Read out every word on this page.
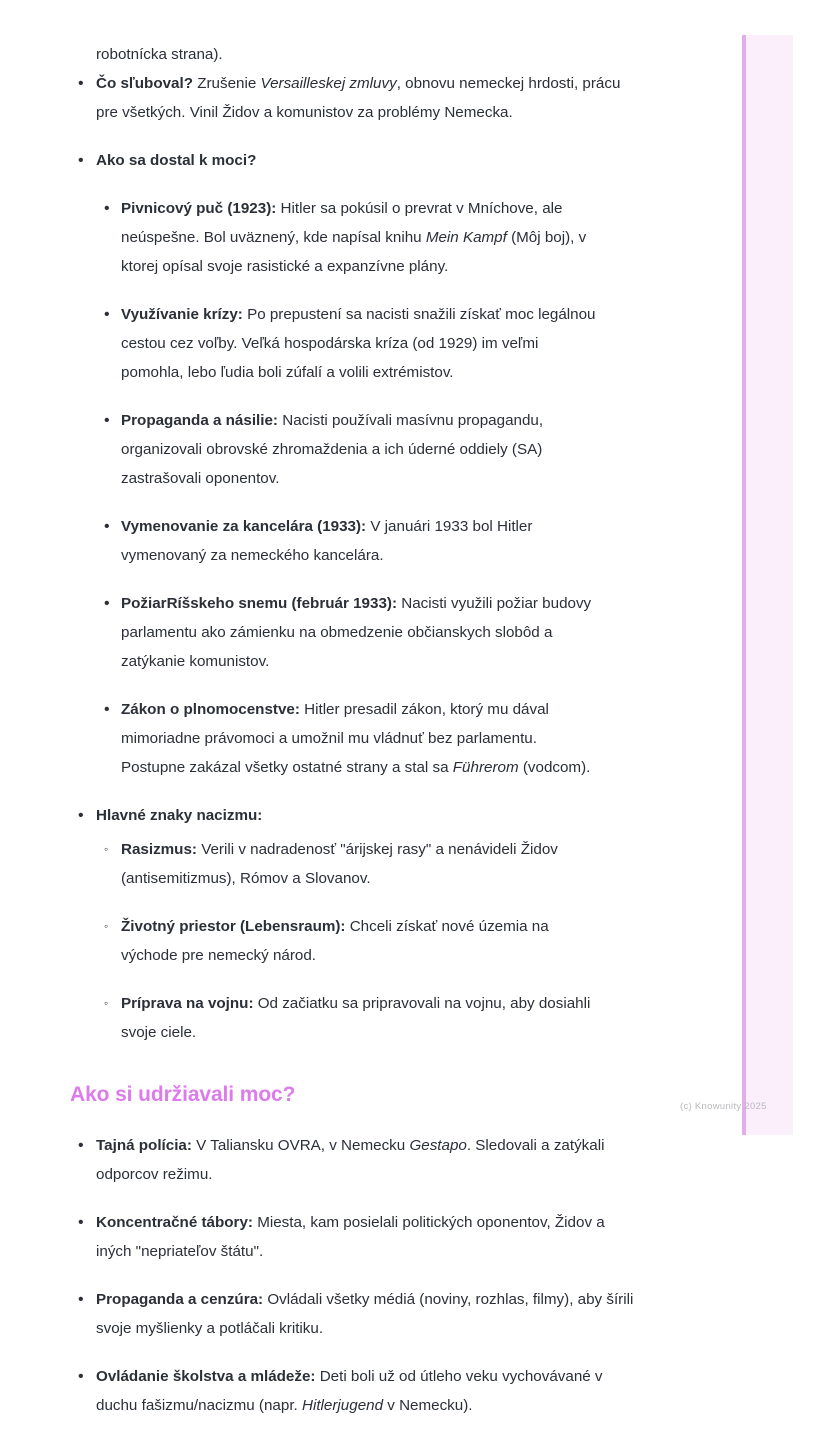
robotnícka strana).

• Čo sľuboval? Zrušenie Versailleskej zmluvy, obnovu nemeckej hrdosti, prácu pre všetkých. Vinil Židov a komunistov za problémy Nemecka.
• Ako sa dostal k moci?
• Pivnicový puč (1923): Hitler sa pokúsil o prevrat v Mníchove, ale neúspešne. Bol uväznený, kde napísal knihu Mein Kampf (Môj boj), v ktorej opísal svoje rasistické a expanzívne plány.
• Využívanie krízy: Po prepustení sa nacisti snažili získať moc legálnou cestou cez voľby. Veľká hospodárska kríza (od 1929) im veľmi pomohla, lebo ľudia boli zúfalí a volili extrémistov.
• Propaganda a násilie: Nacisti používali masívnu propagandu, organizovali obrovské zhromaždenia a ich úderné oddiely (SA) zastrašovali oponentov.
• Vymenovanie za kancelára (1933): V januári 1933 bol Hitler vymenovaný za nemeckého kancelára.
• PožiarRíšskeho snemu (február 1933): Nacisti využili požiar budovy parlamentu ako zámienku na obmedzenie občianskych slobôd a zatýkanie komunistov.
• Zákon o plnomocenstve: Hitler presadil zákon, ktorý mu dával mimoriadne právomoci a umožnil mu vládnuť bez parlamentu. Postupne zakázal všetky ostatné strany a stal sa Führerom (vodcom).
• Hlavné znaky nacizmu:
◦ Rasizmus: Verili v nadradenosť "árijskej rasy" a nenávideli Židov (antisemitizmus), Rómov a Slovanov.
◦ Životný priestor (Lebensraum): Chceli získať nové územia na východe pre nemecký národ.
◦ Príprava na vojnu: Od začiatku sa pripravovali na vojnu, aby dosiahli svoje ciele.
Ako si udržiavali moc?
• Tajná polícia: V Taliansku OVRA, v Nemecku Gestapo. Sledovali a zatýkali odporcov režimu.
• Koncentračné tábory: Miesta, kam posielali politických oponentov, Židov a iných "nepriateľov štátu".
• Propaganda a cenzúra: Ovládali všetky médiá (noviny, rozhlas, filmy), aby šírili svoje myšlienky a potláčali kritiku.
• Ovládanie školstva a mládeže: Deti boli už od útleho veku vychovávané v duchu fašizmu/nacizmu (napr. Hitlerjugend v Nemecku).
(c) Knowunity 2025
